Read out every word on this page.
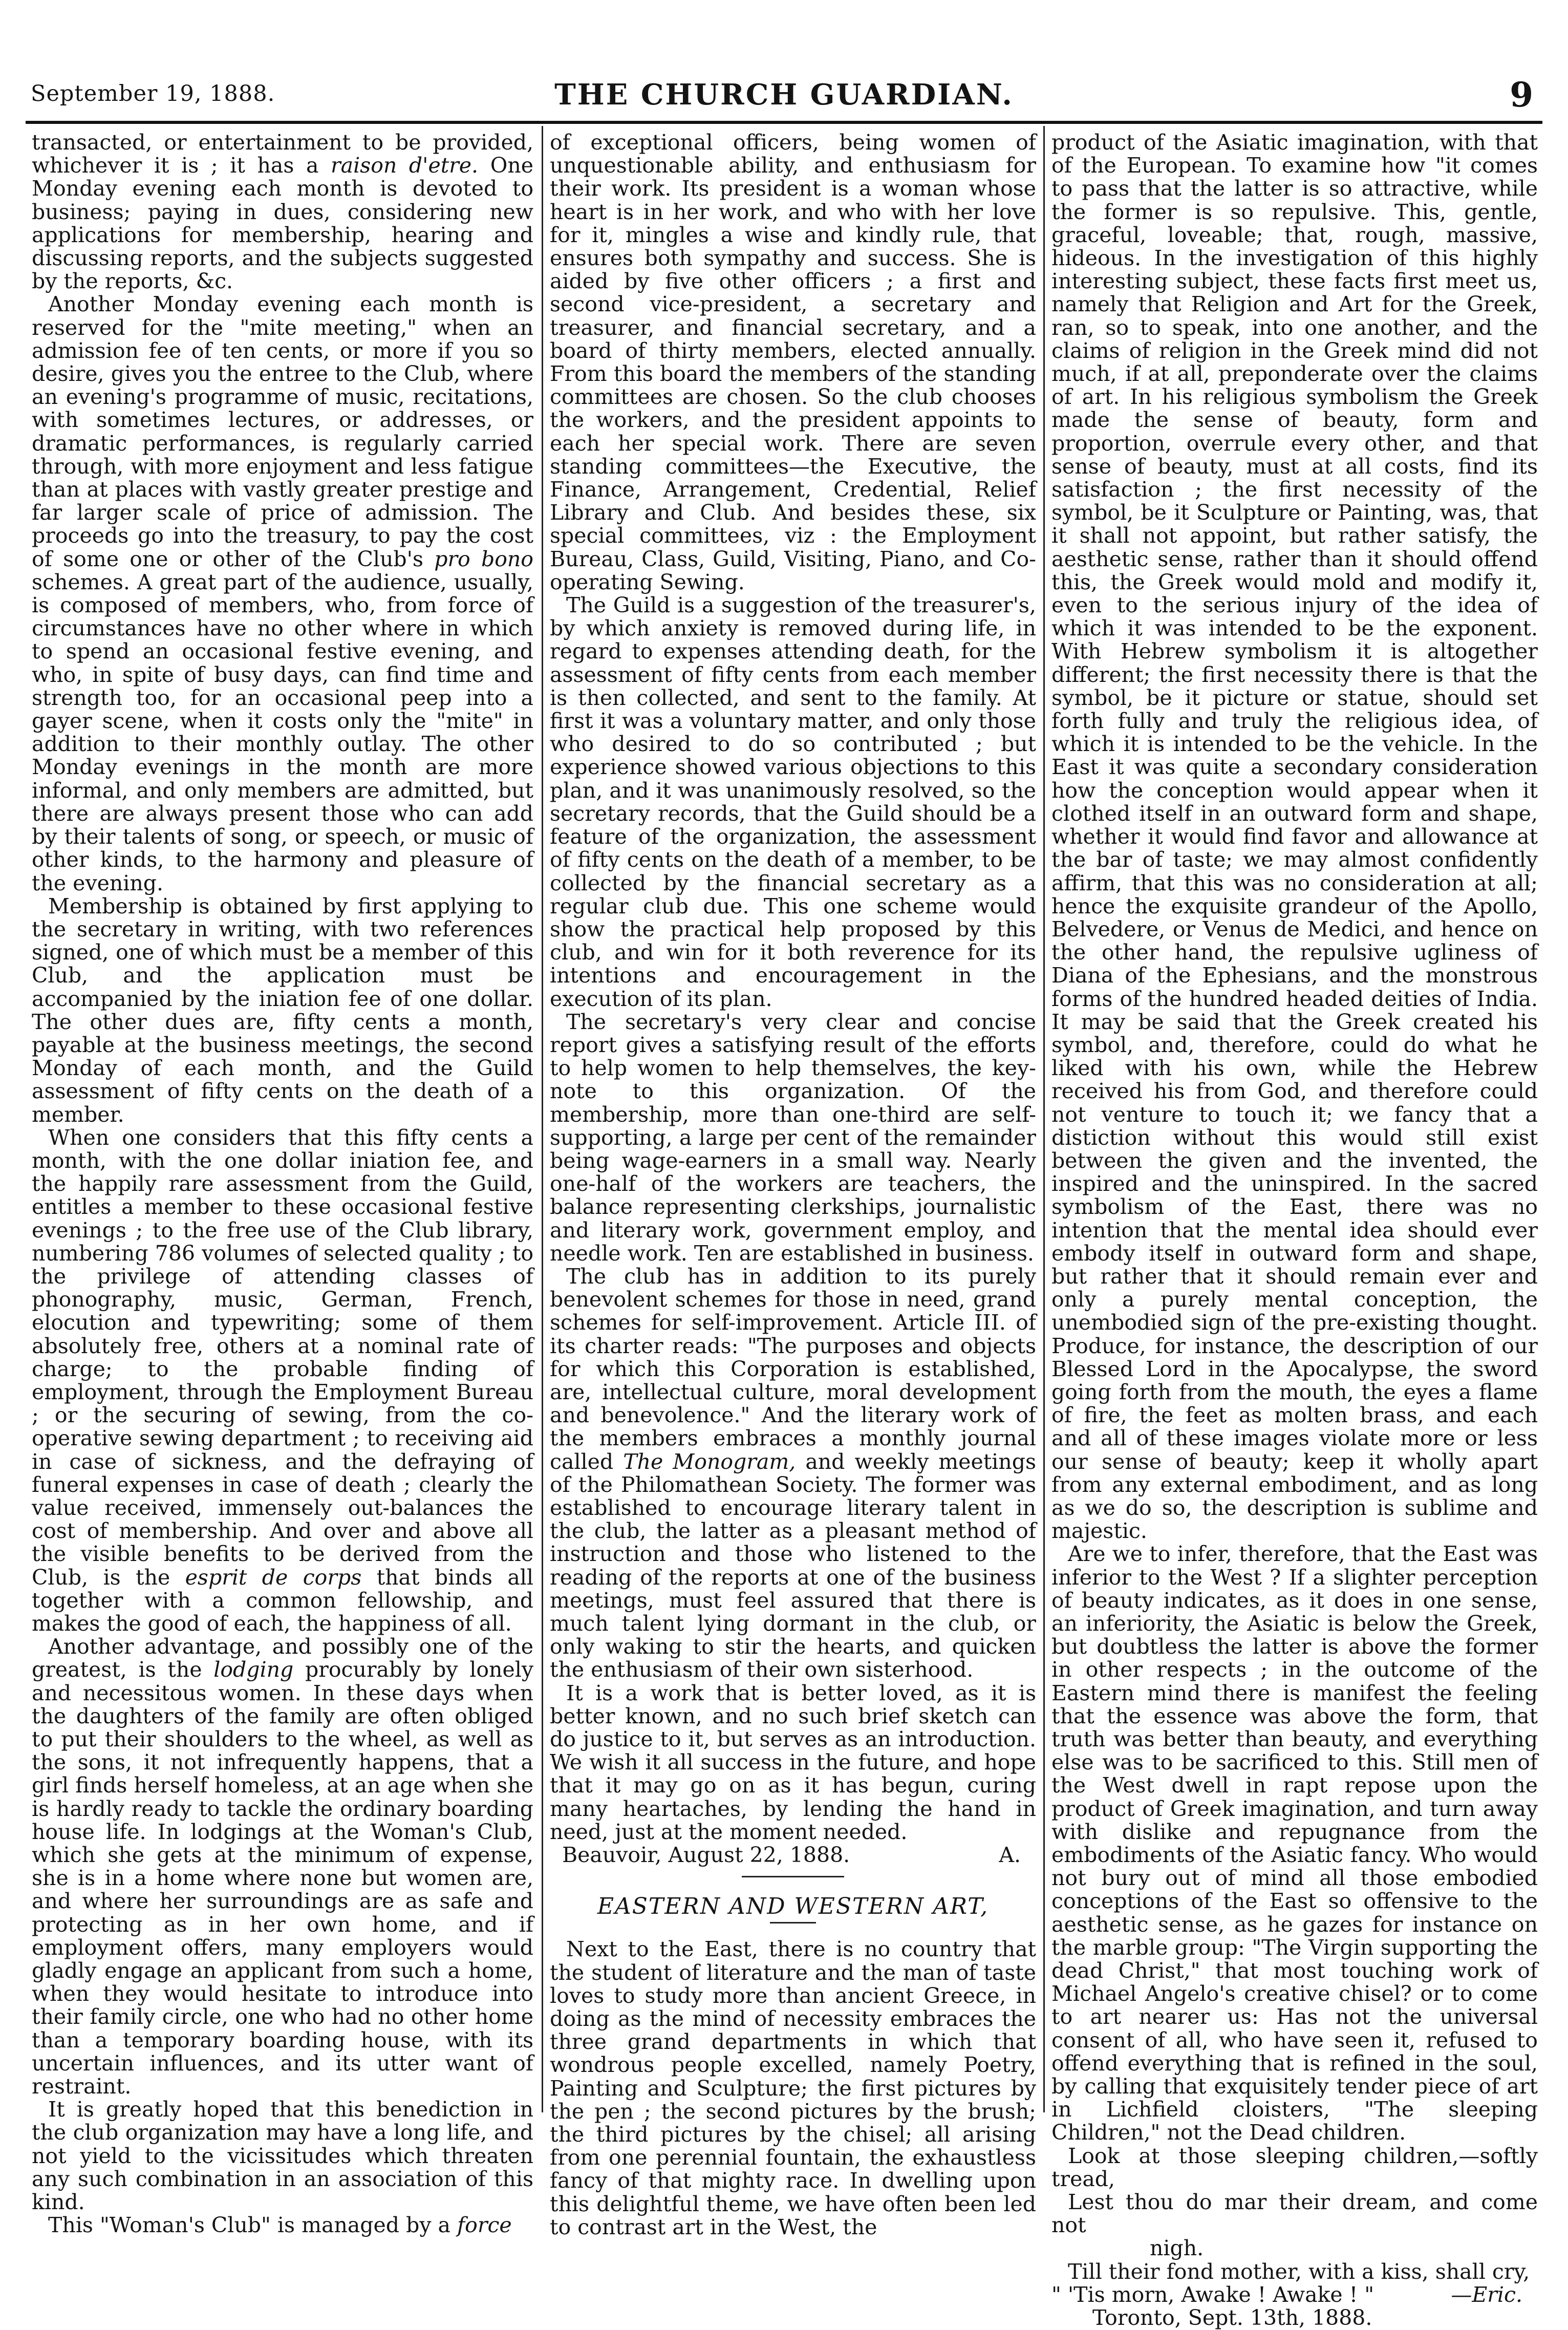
September 19, 1888.	THE CHURCH GUARDIAN.	9

transacted, or entertainment to be provided, whichever it is ; it has a raison d'etre. One Monday evening each month is devoted to business; paying in dues, considering new applications for membership, hearing and discussing reports, and the subjects suggested by the reports, &c.

Another Monday evening each month is reserved for the "mite meeting," when an admission fee of ten cents, or more if you so desire, gives you the entree to the Club, where an evening's programme of music, recitations, with sometimes lectures, or addresses, or dramatic performances, is regularly carried through, with more enjoyment and less fatigue than at places with vastly greater prestige and far larger scale of price of admission. The proceeds go into the treasury, to pay the cost of some one or other of the Club's pro bono schemes. A great part of the audience, usually, is composed of members, who, from force of circumstances have no other where in which to spend an occasional festive evening, and who, in spite of busy days, can find time and strength too, for an occasional peep into a gayer scene, when it costs only the "mite" in addition to their monthly outlay. The other Monday evenings in the month are more informal, and only members are admitted, but there are always present those who can add by their talents of song, or speech, or music of other kinds, to the harmony and pleasure of the evening.

Membership is obtained by first applying to the secretary in writing, with two references signed, one of which must be a member of this Club, and the application must be accompanied by the iniation fee of one dollar. The other dues are, fifty cents a month, payable at the business meetings, the second Monday of each month, and the Guild assessment of fifty cents on the death of a member.

When one considers that this fifty cents a month, with the one dollar iniation fee, and the happily rare assessment from the Guild, entitles a member to these occasional festive evenings ; to the free use of the Club library, numbering 786 volumes of selected quality ; to the privilege of attending classes of phonography, music, German, French, elocution and typewriting; some of them absolutely free, others at a nominal rate of charge; to the probable finding of employment, through the Employment Bureau ; or the securing of sewing, from the co-operative sewing department ; to receiving aid in case of sickness, and the defraying of funeral expenses in case of death ; clearly the value received, immensely out-balances the cost of membership. And over and above all the visible benefits to be derived from the Club, is the esprit de corps that binds all together with a common fellowship, and makes the good of each, the happiness of all.

Another advantage, and possibly one of the greatest, is the lodging procurably by lonely and necessitous women. In these days when the daughters of the family are often obliged to put their shoulders to the wheel, as well as the sons, it not infrequently happens, that a girl finds herself homeless, at an age when she is hardly ready to tackle the ordinary boarding house life. In lodgings at the Woman's Club, which she gets at the minimum of expense, she is in a home where none but women are, and where her surroundings are as safe and protecting as in her own home, and if employment offers, many employers would gladly engage an applicant from such a home, when they would hesitate to introduce into their family circle, one who had no other home than a temporary boarding house, with its uncertain influences, and its utter want of restraint.

It is greatly hoped that this benediction in the club organization may have a long life, and not yield to the vicissitudes which threaten any such combination in an association of this kind.

This "Woman's Club" is managed by a force

of exceptional officers, being women of unquestionable ability, and enthusiasm for their work. Its president is a woman whose heart is in her work, and who with her love for it, mingles a wise and kindly rule, that ensures both sympathy and success. She is aided by five other officers ; a first and second vice-president, a secretary and treasurer, and financial secretary, and a board of thirty members, elected annually. From this board the members of the standing committees are chosen. So the club chooses the workers, and the president appoints to each her special work. There are seven standing committees—the Executive, the Finance, Arrangement, Credential, Relief Library and Club. And besides these, six special committees, viz : the Employment Bureau, Class, Guild, Visiting, Piano, and Co-operating Sewing.

The Guild is a suggestion of the treasurer's, by which anxiety is removed during life, in regard to expenses attending death, for the assessment of fifty cents from each member is then collected, and sent to the family. At first it was a voluntary matter, and only those who desired to do so contributed ; but experience showed various objections to this plan, and it was unanimously resolved, so the secretary records, that the Guild should be a feature of the organization, the assessment of fifty cents on the death of a member, to be collected by the financial secretary as a regular club due. This one scheme would show the practical help proposed by this club, and win for it both reverence for its intentions and encouragement in the execution of its plan.

The secretary's very clear and concise report gives a satisfying result of the efforts to help women to help themselves, the key-note to this organization. Of the membership, more than one-third are self-supporting, a large per cent of the remainder being wage-earners in a small way. Nearly one-half of the workers are teachers, the balance representing clerkships, journalistic and literary work, government employ, and needle work. Ten are established in business.

The club has in addition to its purely benevolent schemes for those in need, grand schemes for self-improvement. Article III. of its charter reads: "The purposes and objects for which this Corporation is established, are, intellectual culture, moral development and benevolence." And the literary work of the members embraces a monthly journal called The Monogram, and weekly meetings of the Philomathean Society. The former was established to encourage literary talent in the club, the latter as a pleasant method of instruction and those who listened to the reading of the reports at one of the business meetings, must feel assured that there is much talent lying dormant in the club, or only waking to stir the hearts, and quicken the enthusiasm of their own sisterhood.

It is a work that is better loved, as it is better known, and no such brief sketch can do justice to it, but serves as an introduction. We wish it all success in the future, and hope that it may go on as it has begun, curing many heartaches, by lending the hand in need, just at the moment needed.

Beauvoir, August 22, 1888.	A.
EASTERN AND WESTERN ART,

Next to the East, there is no country that the student of literature and the man of taste loves to study more than ancient Greece, in doing as the mind of necessity embraces the three grand departments in which that wondrous people excelled, namely Poetry, Painting and Sculpture; the first pictures by the pen ; the second pictures by the brush; the third pictures by the chisel; all arising from one perennial fountain, the exhaustless fancy of that mighty race. In dwelling upon this delightful theme, we have often been led to contrast art in the West, the

product of the Asiatic imagination, with that of the European. To examine how "it comes to pass that the latter is so attractive, while the former is so repulsive. This, gentle, graceful, loveable; that, rough, massive, hideous. In the investigation of this highly interesting subject, these facts first meet us, namely that Religion and Art for the Greek, ran, so to speak, into one another, and the claims of religion in the Greek mind did not much, if at all, preponderate over the claims of art. In his religious symbolism the Greek made the sense of beauty, form and proportion, overrule every other, and that sense of beauty, must at all costs, find its satisfaction ; the first necessity of the symbol, be it Sculpture or Painting, was, that it shall not appoint, but rather satisfy, the aesthetic sense, rather than it should offend this, the Greek would mold and modify it, even to the serious injury of the idea of which it was intended to be the exponent. With Hebrew symbolism it is altogether different; the first necessity there is that the symbol, be it picture or statue, should set forth fully and truly the religious idea, of which it is intended to be the vehicle. In the East it was quite a secondary consideration how the conception would appear when it clothed itself in an outward form and shape, whether it would find favor and allowance at the bar of taste; we may almost confidently affirm, that this was no consideration at all; hence the exquisite grandeur of the Apollo, Belvedere, or Venus de Medici, and hence on the other hand, the repulsive ugliness of Diana of the Ephesians, and the monstrous forms of the hundred headed deities of India. It may be said that the Greek created his symbol, and, therefore, could do what he liked with his own, while the Hebrew received his from God, and therefore could not venture to touch it; we fancy that a distiction without this would still exist between the given and the invented, the inspired and the uninspired. In the sacred symbolism of the East, there was no intention that the mental idea should ever embody itself in outward form and shape, but rather that it should remain ever and only a purely mental conception, the unembodied sign of the pre-existing thought. Produce, for instance, the description of our Blessed Lord in the Apocalypse, the sword going forth from the mouth, the eyes a flame of fire, the feet as molten brass, and each and all of these images violate more or less our sense of beauty; keep it wholly apart from any external embodiment, and as long as we do so, the description is sublime and majestic.

Are we to infer, therefore, that the East was inferior to the West ? If a slighter perception of beauty indicates, as it does in one sense, an inferiority, the Asiatic is below the Greek, but doubtless the latter is above the former in other respects ; in the outcome of the Eastern mind there is manifest the feeling that the essence was above the form, that truth was better than beauty, and everything else was to be sacrificed to this. Still men of the West dwell in rapt repose upon the product of Greek imagination, and turn away with dislike and repugnance from the embodiments of the Asiatic fancy. Who would not bury out of mind all those embodied conceptions of the East so offensive to the aesthetic sense, as he gazes for instance on the marble group: "The Virgin supporting the dead Christ," that most touching work of Michael Angelo's creative chisel? or to come to art nearer us: Has not the universal consent of all, who have seen it, refused to offend everything that is refined in the soul, by calling that exquisitely tender piece of art in Lichfield cloisters, "The sleeping Children," not the Dead children.

Look at those sleeping children,—softly tread,

Lest thou do mar their dream, and come not

nigh.

Till their fond mother, with a kiss, shall cry,

" 'Tis morn, Awake ! Awake ! "	—Eric.

Toronto, Sept. 13th, 1888.
